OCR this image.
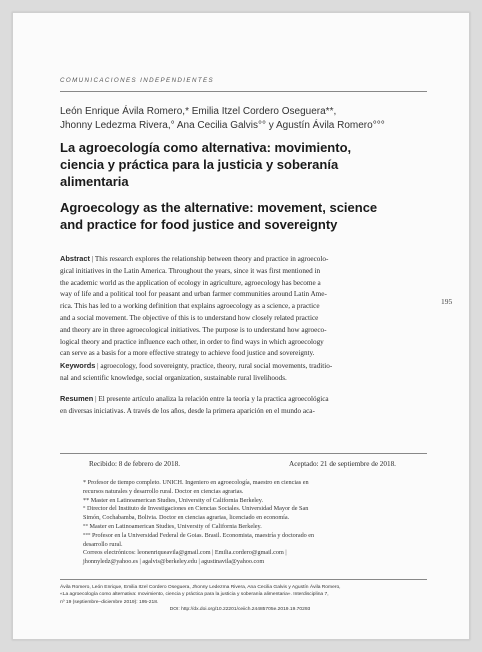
COMUNICACIONES INDEPENDIENTES
León Enrique Ávila Romero,* Emilia Itzel Cordero Oseguera**,
Jhonny Ledezma Rivera,° Ana Cecilia Galvis°° y Agustín Ávila Romero°°°
La agroecología como alternativa: movimiento,
ciencia y práctica para la justicia y soberanía
alimentaria
Agroecology as the alternative: movement, science
and practice for food justice and sovereignty
Abstract | This research explores the relationship between theory and practice in agroecolo-
gical initiatives in the Latin America. Throughout the years, since it was first mentioned in
the academic world as the application of ecology in agriculture, agroecology has become a
way of life and a political tool for peasant and urban farmer communities around Latin Ame-
rica. This has led to a working definition that explains agroecology as a science, a practice
and a social movement. The objective of this is to understand how closely related practice
and theory are in three agroecological initiatives. The purpose is to understand how agroeco-
logical theory and practice influence each other, in order to find ways in which agroecology
can serve as a basis for a more effective strategy to achieve food justice and sovereignty.
Keywords | agroecology, food sovereignty, practice, theory, rural social movements, traditio-
nal and scientific knowledge, social organization, sustainable rural livelihoods.
Resumen | El presente artículo analiza la relación entre la teoría y la practica agroecológica
en diversas iniciativas. A través de los años, desde la primera aparición en el mundo aca-
195
Recibido: 8 de febrero de 2018.	Aceptado: 21 de septiembre de 2018.
* Profesor de tiempo completo. UNICH. Ingeniero en agroecología, maestro en ciencias en
recursos naturales y desarrollo rural. Doctor en ciencias agrarias.
** Master en Latinoamerican Studies, University of California Berkeley.
° Director del Instituto de Investigaciones en Ciencias Sociales. Universidad Mayor de San
Simón, Cochabamba, Bolivia. Doctor en ciencias agrarias, licenciado en economía.
°° Master en Latinoamerican Studies, University of California Berkeley.
°°° Profesor en la Universidad Federal de Goias. Brasil. Economista, maestría y doctorado en
desarrollo rural.
Correos electrónicos: leonenriqueavila@gmail.com | Emilia.cordero@gmail.com |
jhonnyledz@yahoo.es | agalvis@berkeley.edu | agustinavila@yahoo.com
Ávila Romero, León Enrique, Emilia Itzel Cordero Oseguera, Jhonny Ledezma Rivera, Ana Cecilia Galvis y Agustín Ávila Romero,
«La agroecología como alternativa: movimiento, ciencia y práctica para la justicia y soberanía alimentaria». Interdisciplina 7,
nº 19 (septiembre–diciembre 2019): 195-218.
DOI: http://dx.doi.org/10.22201/ceiich.24485705e.2019.19.70293
